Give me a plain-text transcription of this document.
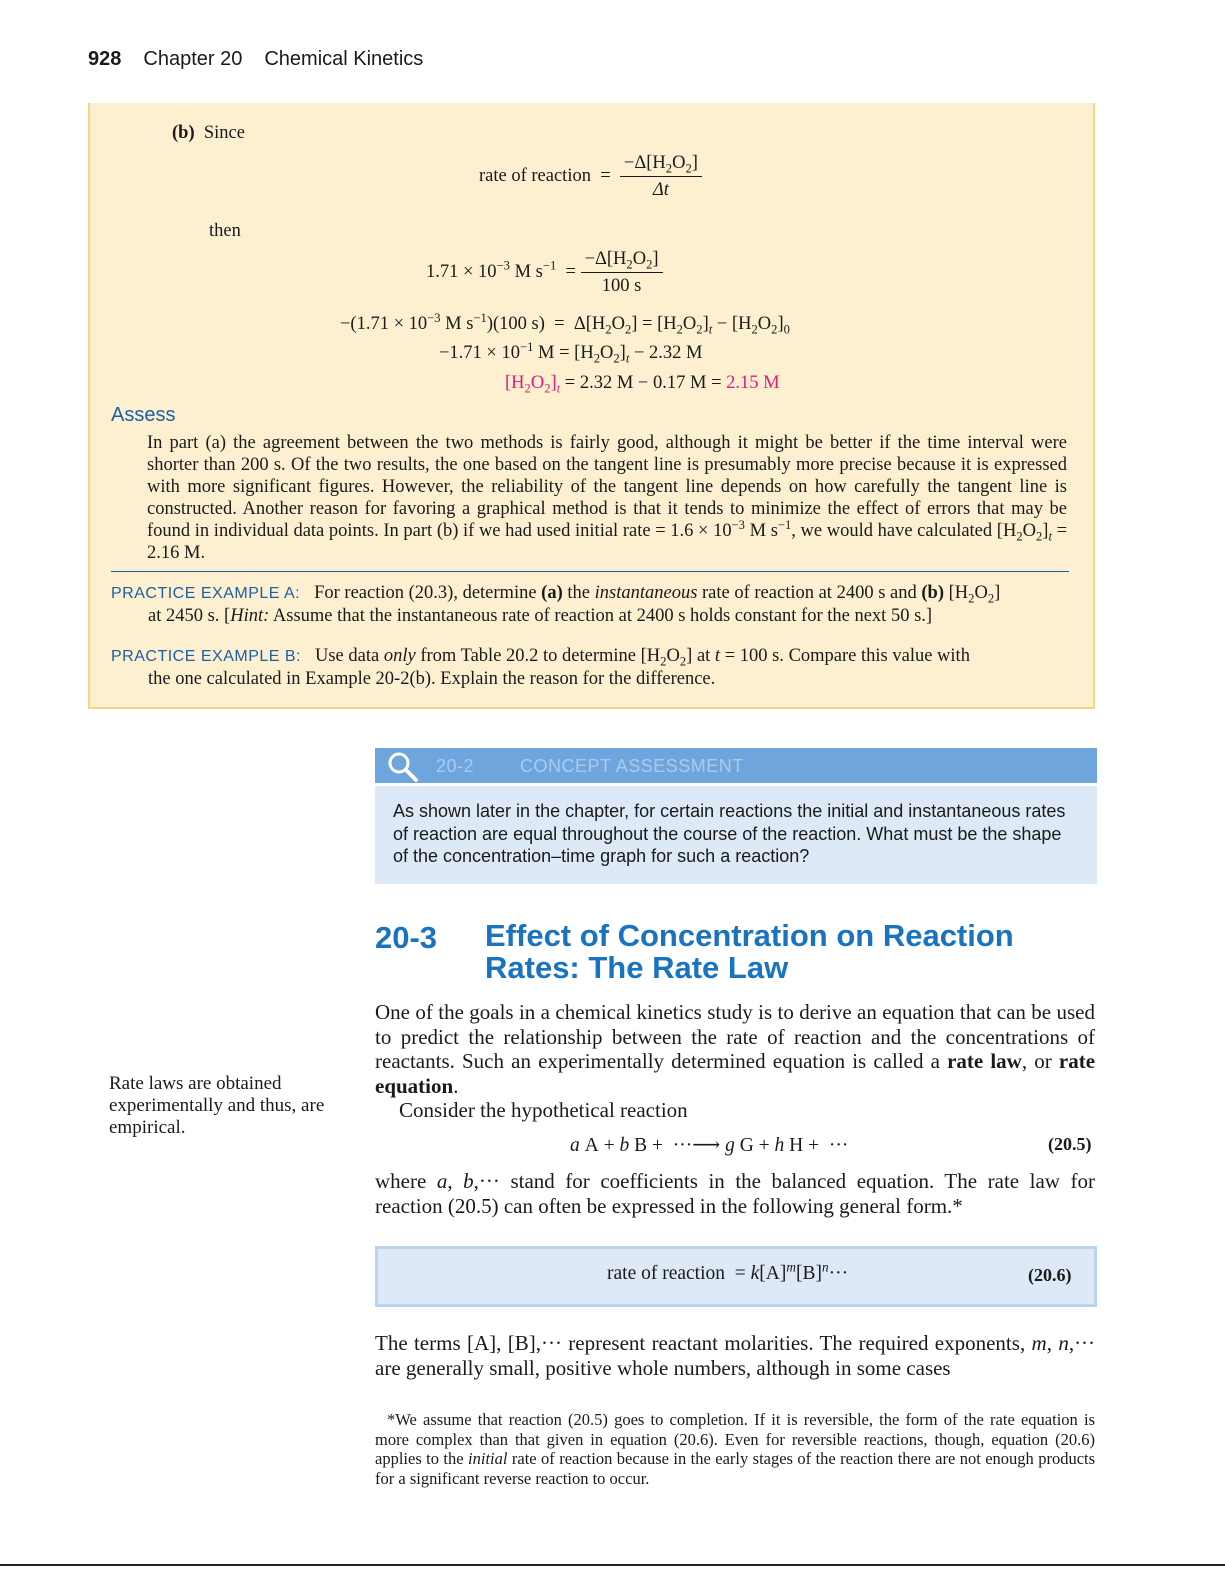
928 Chapter 20 Chemical Kinetics
(b) Since
rate of reaction  = $\frac{-\Delta[H_2O_2]}{\Delta t}$
then
$1.71 \times 10^{-3}$ M $s^{-1} = \frac{-\Delta[H_2O_2]}{100 s}$
$-(1.71 \times 10^{-3}$ M $s^{-1})(100$ $s) = \Delta[H_2O_2] = [H_2O_2]_t - [H_2O_2]_0$
$-1.71 \times 10^{-1}$ $M = [H_2O_2]_t - 2.32$ M
$[H_2O_2]_t = 2.32$ M − 0.17 M = 2.15 M
Assess
In part (a) the agreement between the two methods is fairly good, although it might be better if the time interval were shorter than 200 s. Of the two results, the one based on the tangent line is presumably more precise because it is expressed with more significant figures. However, the reliability of the tangent line depends on how carefully the tangent line is constructed. Another reason for favoring a graphical method is that it tends to minimize the effect of errors that may be found in individual data points. In part (b) if we had used initial rate = $1.6 \times 10^{-3}$ M $s^{-1}$, we would have calculated $[H_2O_2]_t = 2.16$ M.
PRACTICE EXAMPLE A: For reaction (20.3), determine (a) the instantaneous rate of reaction at 2400 s and (b) $[H_2O_2]$
at 2450 s. [Hint: Assume that the instantaneous rate of reaction at 2400 s holds constant for the next 50 s.]
PRACTICE EXAMPLE B: Use data only from Table 20.2 to determine $[H_2O_2]$ at t = 100 s. Compare this value with
the one calculated in Example 20-2(b). Explain the reason for the difference.
20-2	CONCEPT ASSESSMENT
As shown later in the chapter, for certain reactions the initial and instantaneous rates of reaction are equal throughout the course of the reaction. What must be the shape of the concentration–time graph for such a reaction?
20-3 Effect of Concentration on Reaction Rates: The Rate Law
One of the goals in a chemical kinetics study is to derive an equation that can be used to predict the relationship between the rate of reaction and the concentrations of reactants. Such an experimentally determined equation is called a rate law, or rate equation.
Consider the hypothetical reaction
Rate laws are obtained experimentally and thus, are empirical.
a A + b B +  ···⟶ g G + h H +  ···	(20.5)
where a, b,··· stand for coefficients in the balanced equation. The rate law for reaction (20.5) can often be expressed in the following general form.*
rate of reaction  = $k[A]^m[B]^n\cdot\cdot\cdot$	(20.6)
The terms [A], [B],··· represent reactant molarities. The required exponents, m, n,··· are generally small, positive whole numbers, although in some cases
*We assume that reaction (20.5) goes to completion. If it is reversible, the form of the rate equation is more complex than that given in equation (20.6). Even for reversible reactions, though, equation (20.6) applies to the initial rate of reaction because in the early stages of the reaction there are not enough products for a significant reverse reaction to occur.
